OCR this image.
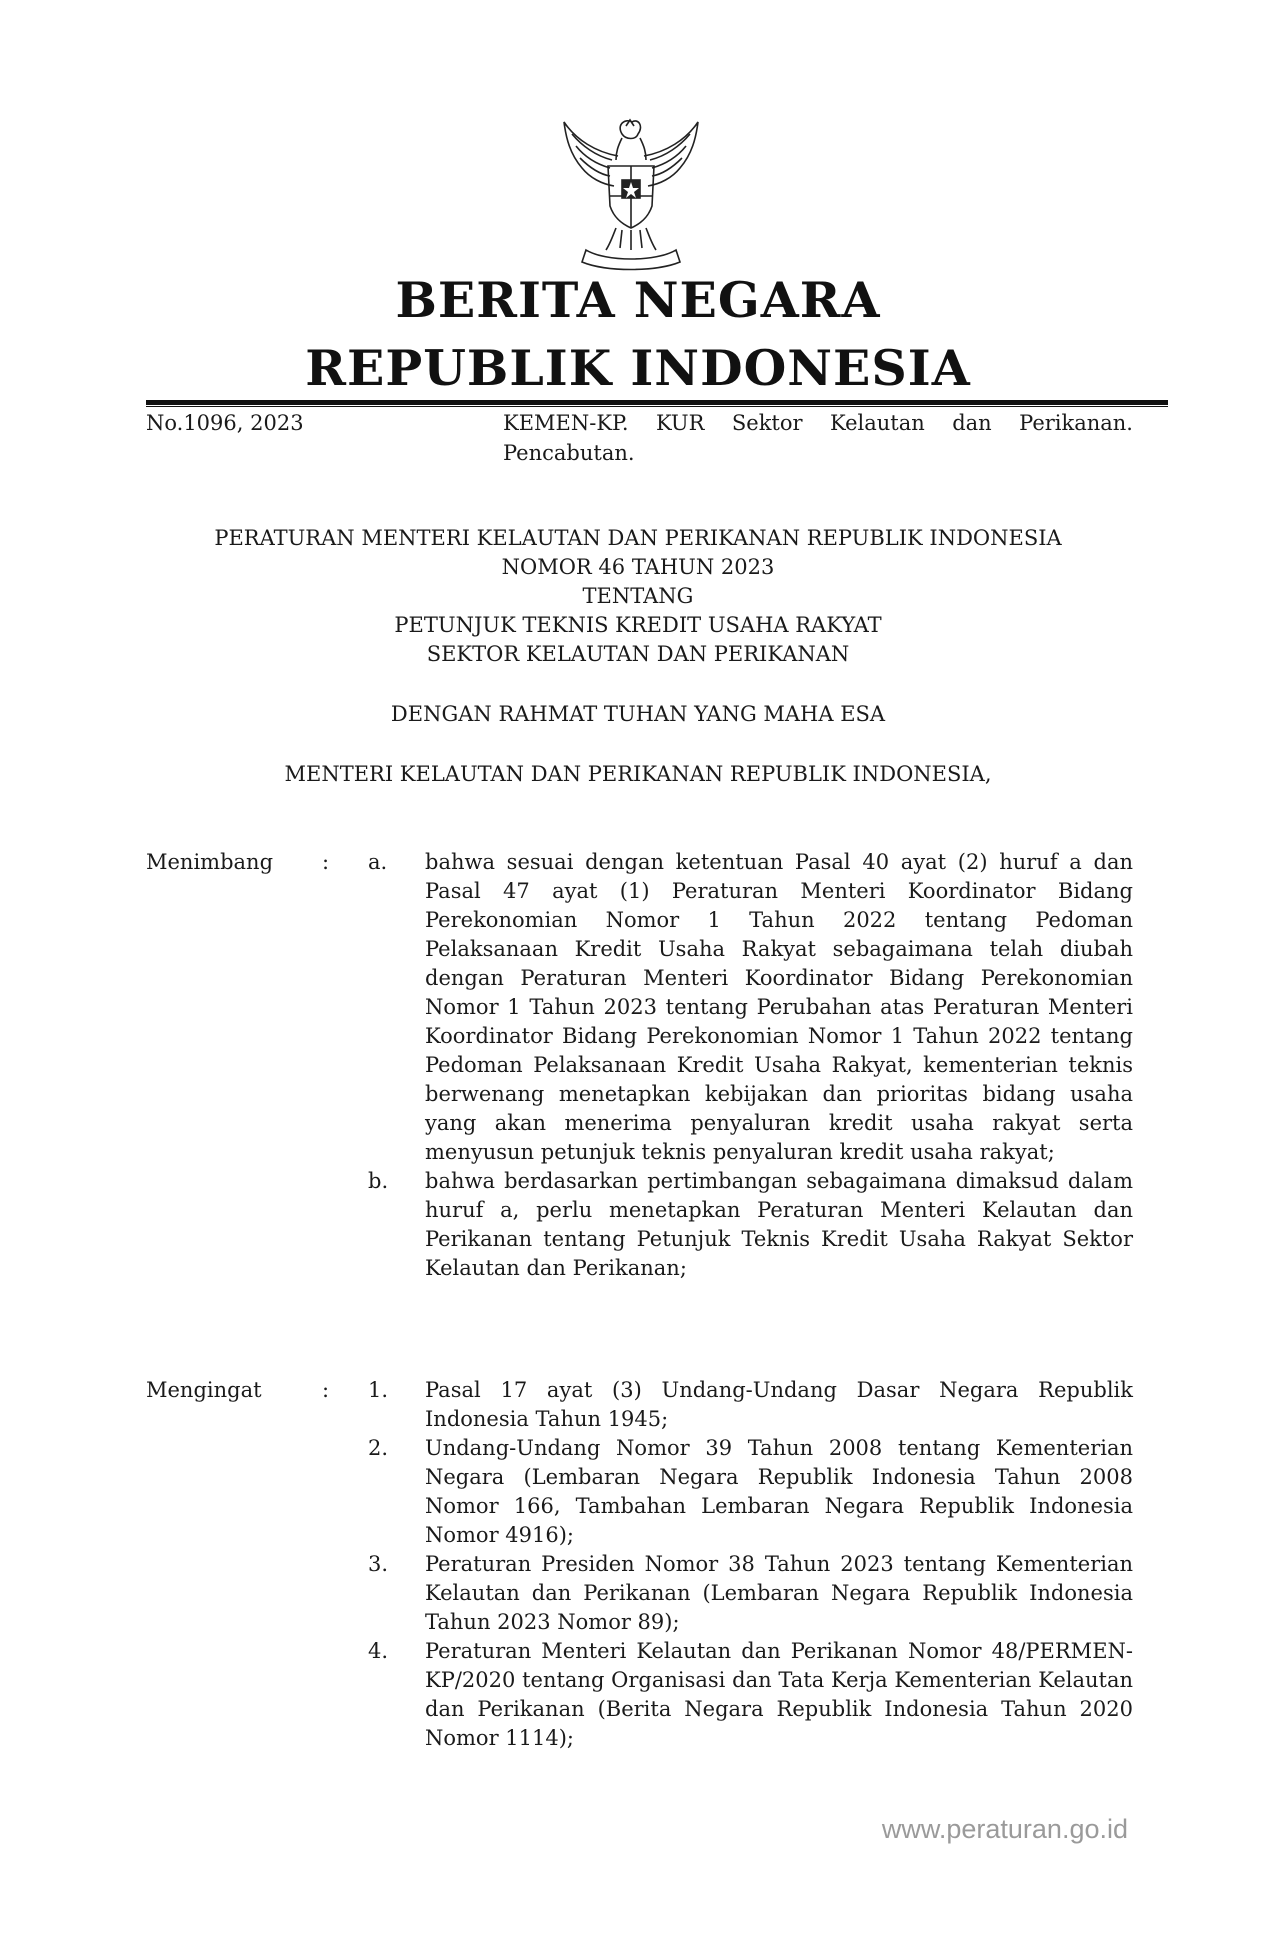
BERITA NEGARA
REPUBLIK INDONESIA
No.1096, 2023	KEMEN-KP. KUR Sektor Kelautan dan Perikanan. Pencabutan.
PERATURAN MENTERI KELAUTAN DAN PERIKANAN REPUBLIK INDONESIA
NOMOR 46 TAHUN 2023
TENTANG
PETUNJUK TEKNIS KREDIT USAHA RAKYAT
SEKTOR KELAUTAN DAN PERIKANAN
DENGAN RAHMAT TUHAN YANG MAHA ESA
MENTERI KELAUTAN DAN PERIKANAN REPUBLIK INDONESIA,
Menimbang	: a.	bahwa sesuai dengan ketentuan Pasal 40 ayat (2) huruf a dan Pasal 47 ayat (1) Peraturan Menteri Koordinator Bidang Perekonomian Nomor 1 Tahun 2022 tentang Pedoman Pelaksanaan Kredit Usaha Rakyat sebagaimana telah diubah dengan Peraturan Menteri Koordinator Bidang Perekonomian Nomor 1 Tahun 2023 tentang Perubahan atas Peraturan Menteri Koordinator Bidang Perekonomian Nomor 1 Tahun 2022 tentang Pedoman Pelaksanaan Kredit Usaha Rakyat, kementerian teknis berwenang menetapkan kebijakan dan prioritas bidang usaha yang akan menerima penyaluran kredit usaha rakyat serta menyusun petunjuk teknis penyaluran kredit usaha rakyat;
b.	bahwa berdasarkan pertimbangan sebagaimana dimaksud dalam huruf a, perlu menetapkan Peraturan Menteri Kelautan dan Perikanan tentang Petunjuk Teknis Kredit Usaha Rakyat Sektor Kelautan dan Perikanan;
Mengingat	: 1.	Pasal 17 ayat (3) Undang-Undang Dasar Negara Republik Indonesia Tahun 1945;
2.	Undang-Undang Nomor 39 Tahun 2008 tentang Kementerian Negara (Lembaran Negara Republik Indonesia Tahun 2008 Nomor 166, Tambahan Lembaran Negara Republik Indonesia Nomor 4916);
3.	Peraturan Presiden Nomor 38 Tahun 2023 tentang Kementerian Kelautan dan Perikanan (Lembaran Negara Republik Indonesia Tahun 2023 Nomor 89);
4.	Peraturan Menteri Kelautan dan Perikanan Nomor 48/PERMEN-KP/2020 tentang Organisasi dan Tata Kerja Kementerian Kelautan dan Perikanan (Berita Negara Republik Indonesia Tahun 2020 Nomor 1114);
www.peraturan.go.id
